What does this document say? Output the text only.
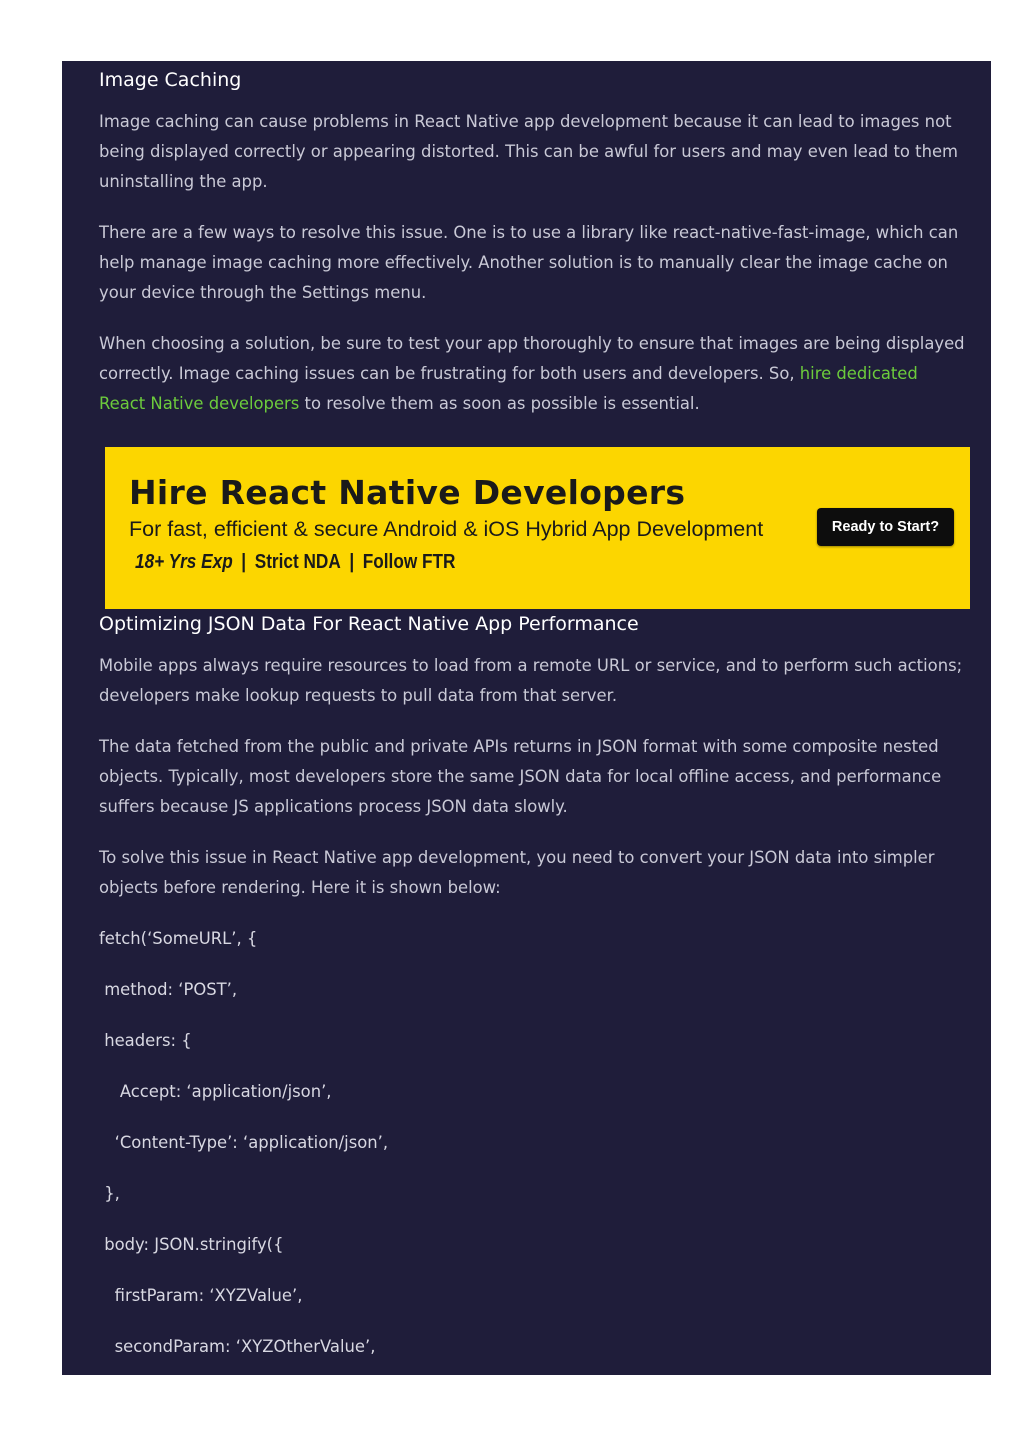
Image Caching

Image caching can cause problems in React Native app development because it can lead to images not being displayed correctly or appearing distorted. This can be awful for users and may even lead to them uninstalling the app.

There are a few ways to resolve this issue. One is to use a library like react-native-fast-image, which can help manage image caching more effectively. Another solution is to manually clear the image cache on your device through the Settings menu.

When choosing a solution, be sure to test your app thoroughly to ensure that images are being displayed correctly. Image caching issues can be frustrating for both users and developers. So, hire dedicated React Native developers to resolve them as soon as possible is essential.

Hire React Native Developers
For fast, efficient & secure Android & iOS Hybrid App Development
18+ Yrs Exp | Strict NDA | Follow FTR
Ready to Start?
Optimizing JSON Data For React Native App Performance

Mobile apps always require resources to load from a remote URL or service, and to perform such actions; developers make lookup requests to pull data from that server.

The data fetched from the public and private APIs returns in JSON format with some composite nested objects. Typically, most developers store the same JSON data for local offline access, and performance suffers because JS applications process JSON data slowly.

To solve this issue in React Native app development, you need to convert your JSON data into simpler objects before rendering. Here it is shown below:

fetch(‘SomeURL’, {
method: ‘POST’,
headers: {
Accept: ‘application/json’,
‘Content-Type’: ‘application/json’,
},
body: JSON.stringify({
firstParam: ‘XYZValue’,
secondParam: ‘XYZOtherValue’,
